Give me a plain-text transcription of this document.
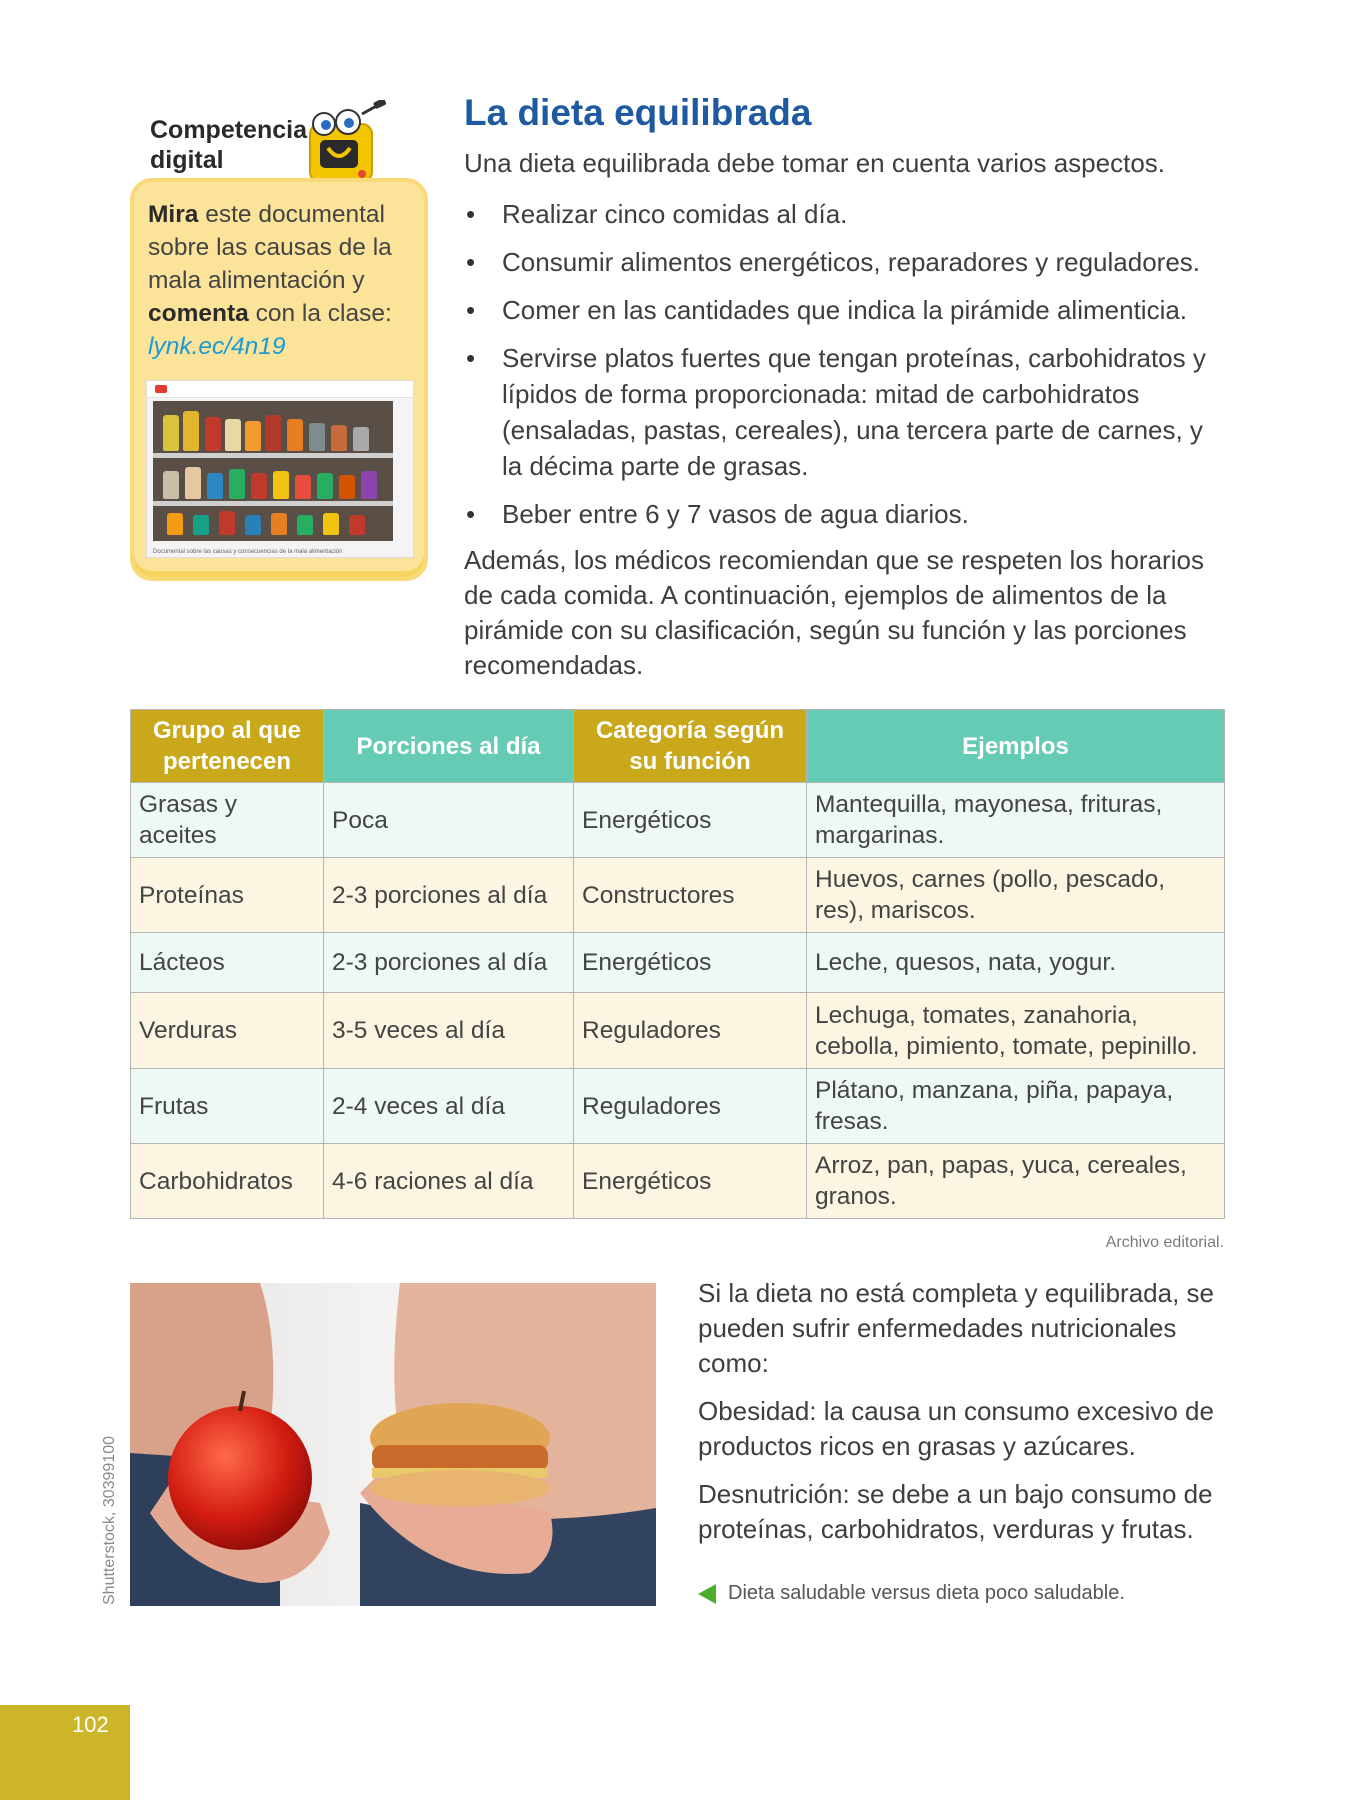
Competencia
digital
Mira este documental sobre las causas de la mala alimentación y comenta con la clase:
lynk.ec/4n19
Documental sobre las causas y consecuencias de la mala alimentación
La dieta equilibrada

Una dieta equilibrada debe tomar en cuenta varios aspectos.

• Realizar cinco comidas al día.
• Consumir alimentos energéticos, reparadores y reguladores.
• Comer en las cantidades que indica la pirámide alimenticia.
• Servirse platos fuertes que tengan proteínas, carbohidratos y lípidos de forma proporcionada: mitad de carbohidratos (ensaladas, pastas, cereales), una tercera parte de carnes, y la décima parte de grasas.
• Beber entre 6 y 7 vasos de agua diarios.

Además, los médicos recomiendan que se respeten los horarios de cada comida. A continuación, ejemplos de alimentos de la pirámide con su clasificación, según su función y las porciones recomendadas.

Grupo al que pertenecen	Porciones al día	Categoría según su función	Ejemplos
Grasas y aceites	Poca	Energéticos	Mantequilla, mayonesa, frituras, margarinas.
Proteínas	2-3 porciones al día	Constructores	Huevos, carnes (pollo, pescado, res), mariscos.
Lácteos	2-3 porciones al día	Energéticos	Leche, quesos, nata, yogur.
Verduras	3-5 veces al día	Reguladores	Lechuga, tomates, zanahoria, cebolla, pimiento, tomate, pepinillo.
Frutas	2-4 veces al día	Reguladores	Plátano, manzana, piña, papaya, fresas.
Carbohidratos	4-6 raciones al día	Energéticos	Arroz, pan, papas, yuca, cereales, granos.
Archivo editorial.
Shutterstock, 30399100

Si la dieta no está completa y equilibrada, se pueden sufrir enfermedades nutricionales como:

Obesidad: la causa un consumo excesivo de productos ricos en grasas y azúcares.

Desnutrición: se debe a un bajo consumo de proteínas, carbohidratos, verduras y frutas.

Dieta saludable versus dieta poco saludable.
102
